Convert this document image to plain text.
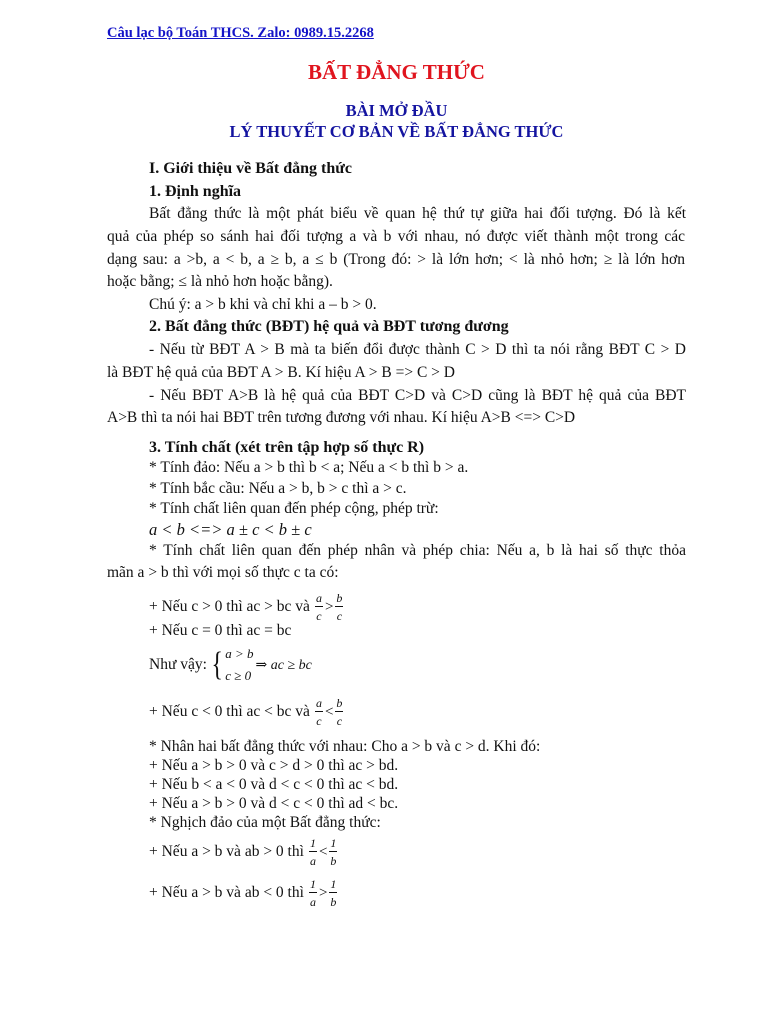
Câu lạc bộ Toán THCS. Zalo: 0989.15.2268
BẤT ĐẲNG THỨC
BÀI MỞ ĐẦU
LÝ THUYẾT CƠ BẢN VỀ BẤT ĐẲNG THỨC
I. Giới thiệu về Bất đẳng thức
1. Định nghĩa
Bất đẳng thức là một phát biểu về quan hệ thứ tự giữa hai đối tượng. Đó là kết
quả của phép so sánh hai đối tượng a và b với nhau, nó được viết thành một trong các
dạng sau: a >b, a < b, a ≥ b, a ≤ b (Trong đó: > là lớn hơn; < là nhỏ hơn; ≥ là lớn hơn
hoặc bằng; ≤ là nhỏ hơn hoặc bằng).
Chú ý: a > b khi và chỉ khi a – b > 0.
2. Bất đẳng thức (BĐT) hệ quả và BĐT tương đương
- Nếu từ BĐT A > B mà ta biến đổi được thành C > D thì ta nói rằng BĐT C > D
là BĐT hệ quả của BĐT A > B. Kí hiệu A > B => C > D
- Nếu BĐT A>B là hệ quả của BĐT C>D và C>D cũng là BĐT hệ quả của BĐT
A>B thì ta nói hai BĐT trên tương đương với nhau. Kí hiệu A>B <=> C>D
3. Tính chất (xét trên tập hợp số thực R)
* Tính đảo: Nếu a > b thì b < a; Nếu a < b thì b > a.
* Tính bắc cầu: Nếu a > b, b > c thì a > c.
* Tính chất liên quan đến phép cộng, phép trừ:
a < b <=> a ± c < b ± c
* Tính chất liên quan đến phép nhân và phép chia: Nếu a, b là hai số thực thỏa
mãn a > b thì với mọi số thực c ta có:
+ Nếu c > 0 thì ac > bc và $\frac{a}{c} > \frac{b}{c}$
+ Nếu c = 0 thì ac = bc
Như vậy: { a > b
c ≥ 0
⇒ ac ≥ bc
+ Nếu c < 0 thì ac < bc và $\frac{a}{c} < \frac{b}{c}$
* Nhân hai bất đẳng thức với nhau: Cho a > b và c > d. Khi đó:
+ Nếu a > b > 0 và c > d > 0 thì ac > bd.
+ Nếu b < a < 0 và d < c < 0 thì ac < bd.
+ Nếu a > b > 0 và d < c < 0 thì ad < bc.
* Nghịch đảo của một Bất đẳng thức:
+ Nếu a > b và ab > 0 thì $\frac{1}{a} < \frac{1}{b}$
+ Nếu a > b và ab < 0 thì $\frac{1}{a} > \frac{1}{b}$
